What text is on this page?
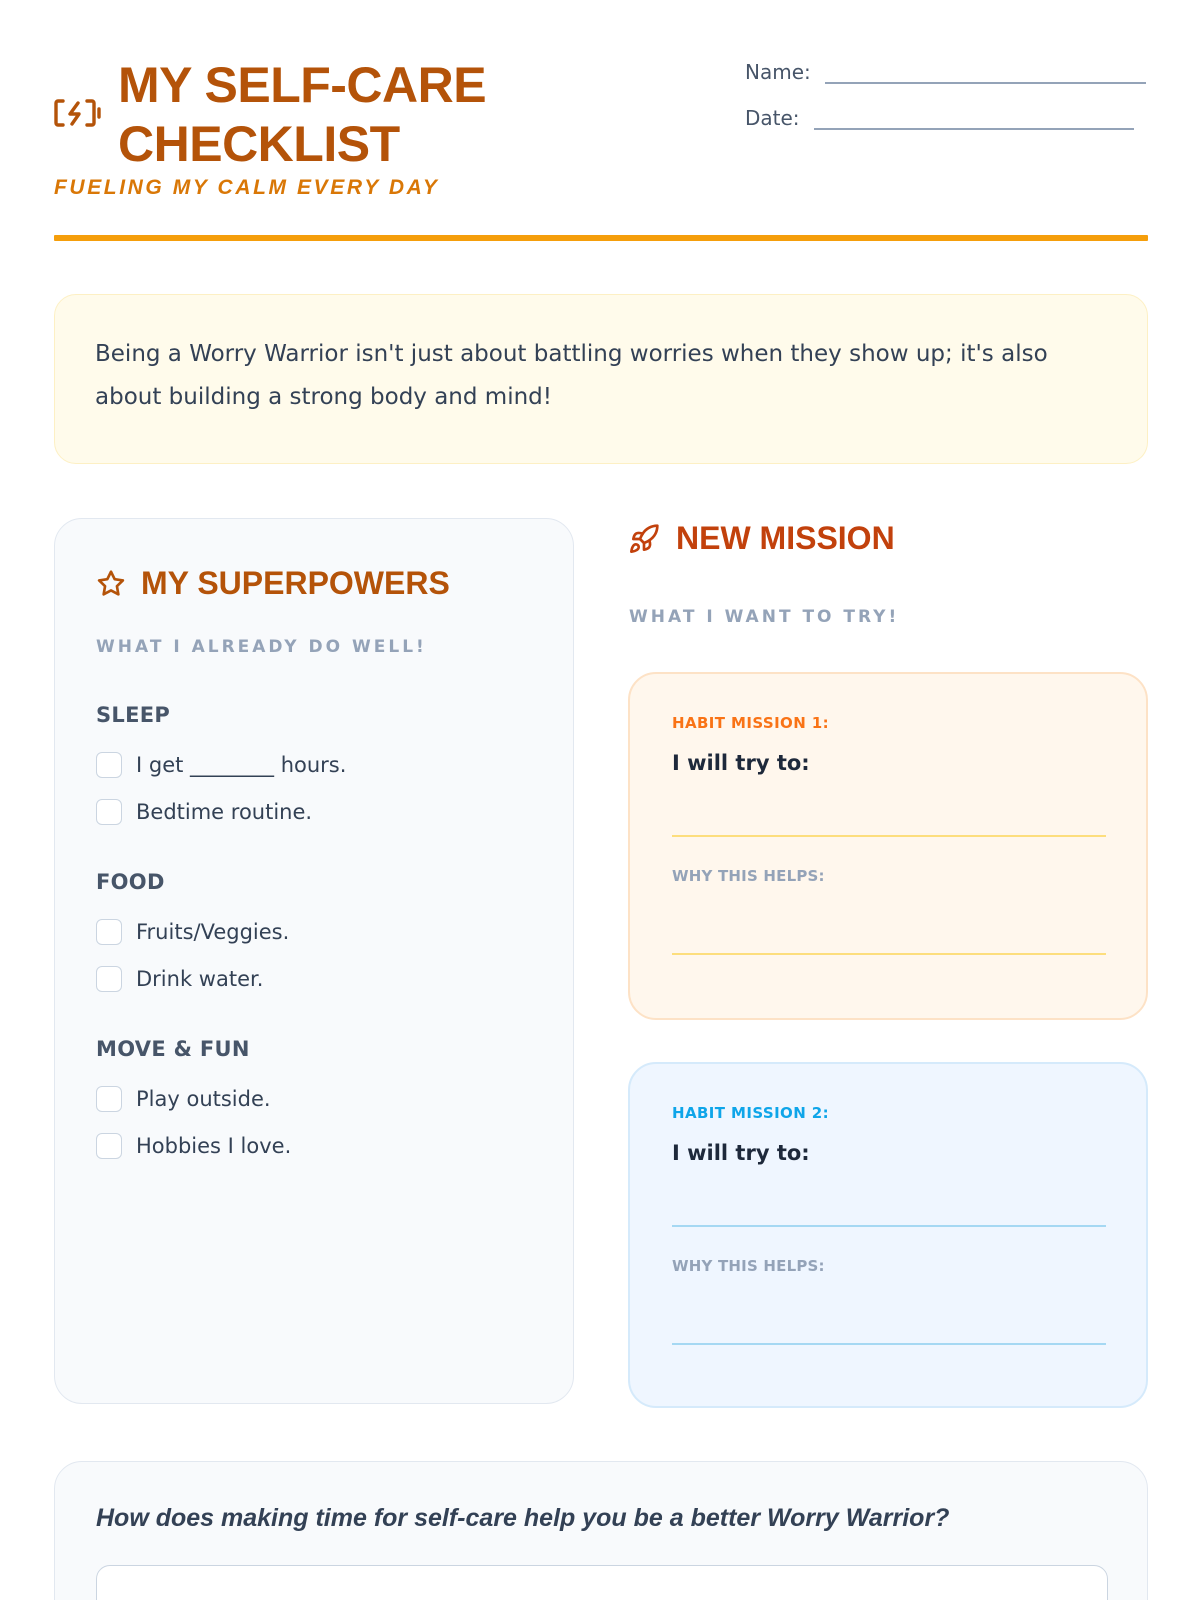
MY SELF-CARE CHECKLIST
FUELING MY CALM EVERY DAY
Name:
Date:

Being a Worry Warrior isn't just about battling worries when they show up; it's also about building a strong body and mind!

MY SUPERPOWERS
WHAT I ALREADY DO WELL!
SLEEP
I get ________ hours.
Bedtime routine.
FOOD
Fruits/Veggies.
Drink water.
MOVE & FUN
Play outside.
Hobbies I love.
NEW MISSION
WHAT I WANT TO TRY!
HABIT MISSION 1:
I will try to:
WHY THIS HELPS:
HABIT MISSION 2:
I will try to:
WHY THIS HELPS:
How does making time for self-care help you be a better Worry Warrior?
